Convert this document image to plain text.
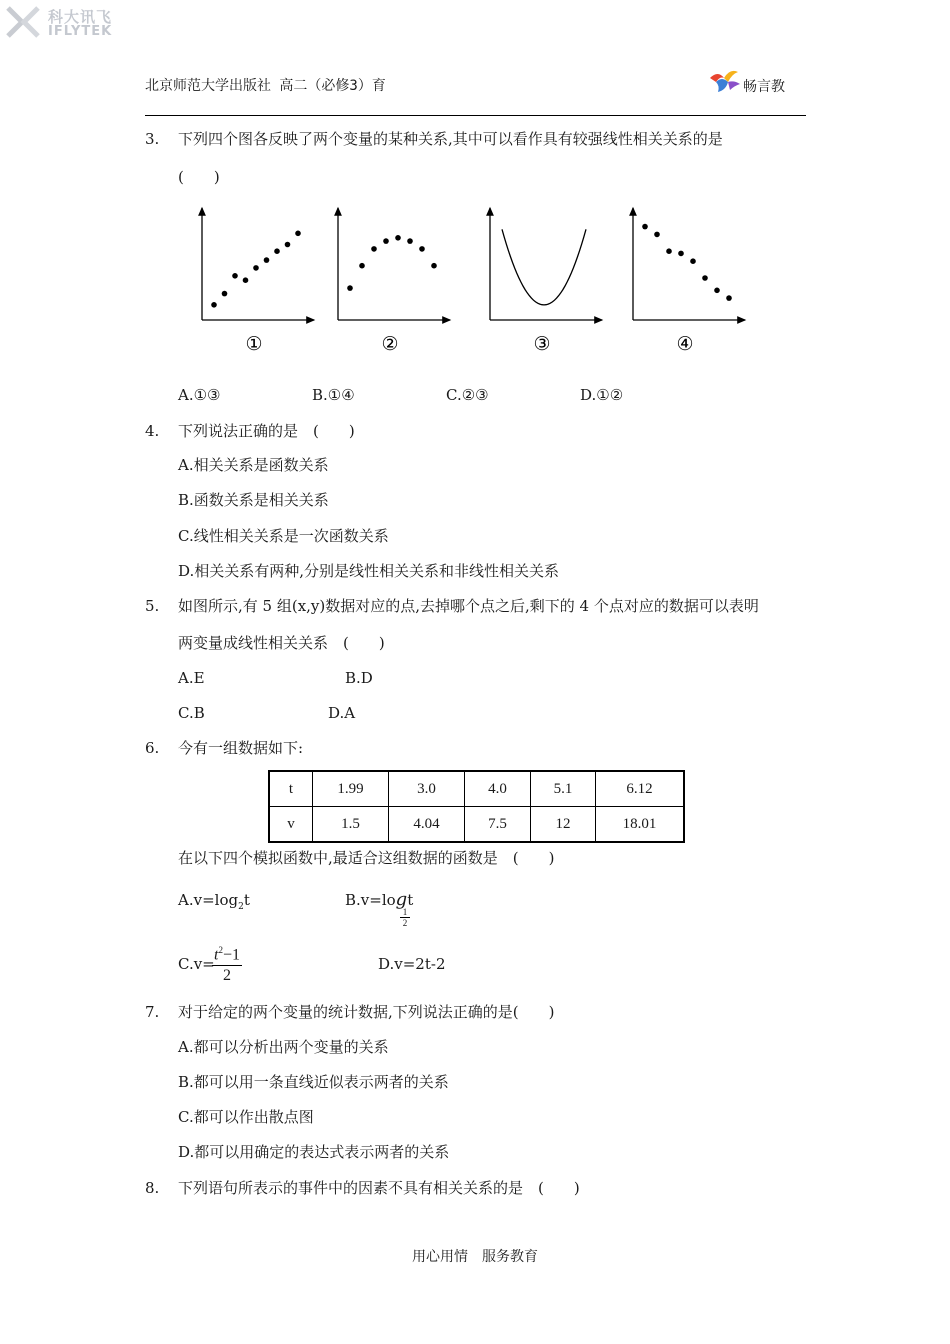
科大讯飞
IFLYTEK
北京师范大学出版社 高二（必修3）育	畅言教
3. 下列四个图各反映了两个变量的某种关系,其中可以看作具有较强线性相关关系的是
(　　)
①	②	③	④
A.①③	B.①④	C.②③	D.①②
4. 下列说法正确的是　(　　)
A.相关关系是函数关系
B.函数关系是相关关系
C.线性相关关系是一次函数关系
D.相关关系有两种,分别是线性相关关系和非线性相关关系
5. 如图所示,有 5 组(x,y)数据对应的点,去掉哪个点之后,剩下的 4 个点对应的数据可以表明
两变量成线性相关关系　(　　)
A.E	B.D
C.B	D.A
6. 今有一组数据如下:
t	1.99	3.0	4.0	5.1	6.12
v	1.5	4.04	7.5	12	18.01
在以下四个模拟函数中,最适合这组数据的函数是　(　　)
$A.v=\log_2t$	B.v=logt
$\frac{1}{2}$
C.v=
$\frac{t^2-1}{2}$	D.v=2t-2
7. 对于给定的两个变量的统计数据,下列说法正确的是(　　)
A.都可以分析出两个变量的关系
B.都可以用一条直线近似表示两者的关系
C.都可以作出散点图
D.都可以用确定的表达式表示两者的关系
8. 下列语句所表示的事件中的因素不具有相关关系的是　(　　)
用心用情　服务教育
